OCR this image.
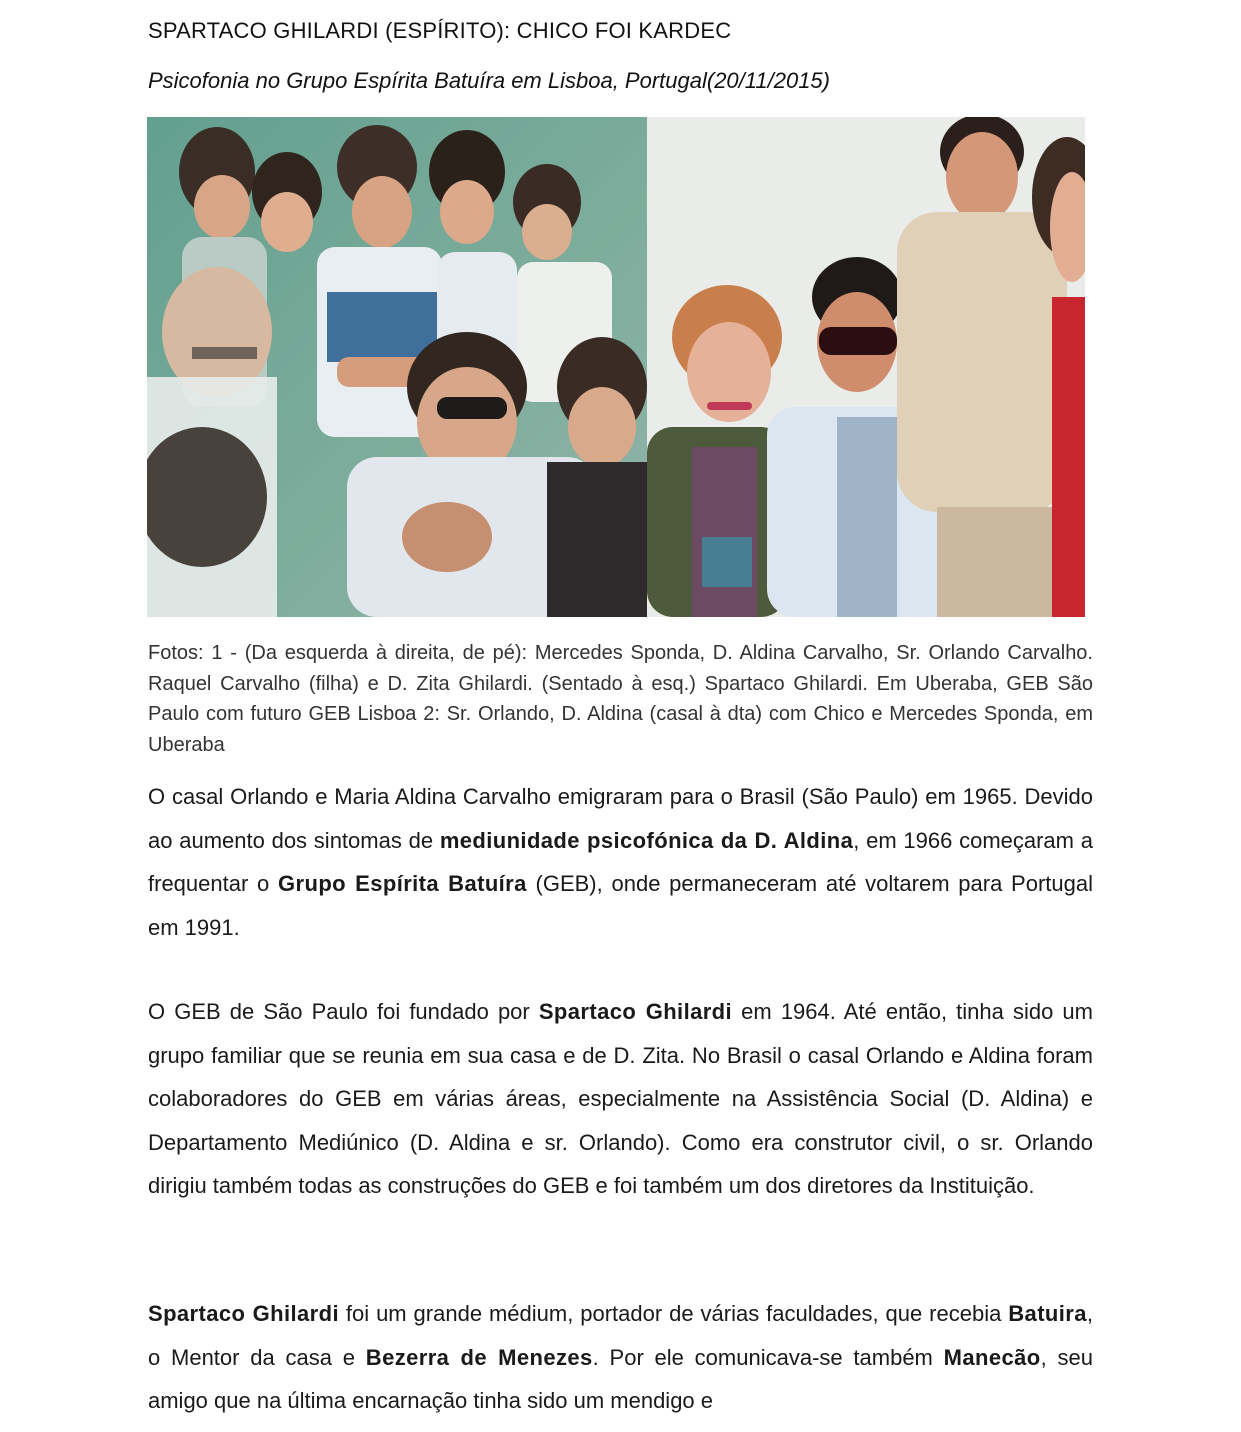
SPARTACO GHILARDI (ESPÍRITO): CHICO FOI KARDEC
Psicofonia no Grupo Espírita Batuíra em Lisboa, Portugal(20/11/2015)
Fotos: 1 - (Da esquerda à direita, de pé): Mercedes Sponda, D. Aldina Carvalho, Sr. Orlando Carvalho. Raquel Carvalho (filha) e D. Zita Ghilardi. (Sentado à esq.) Spartaco Ghilardi. Em Uberaba, GEB São Paulo com futuro GEB Lisboa 2: Sr. Orlando, D. Aldina (casal à dta) com Chico e Mercedes Sponda, em Uberaba
O casal Orlando e Maria Aldina Carvalho emigraram para o Brasil (São Paulo) em 1965. Devido ao aumento dos sintomas de mediunidade psicofónica da D. Aldina, em 1966 começaram a frequentar o Grupo Espírita Batuíra (GEB), onde permaneceram até voltarem para Portugal em 1991.
O GEB de São Paulo foi fundado por Spartaco Ghilardi em 1964. Até então, tinha sido um grupo familiar que se reunia em sua casa e de D. Zita. No Brasil o casal Orlando e Aldina foram colaboradores do GEB em várias áreas, especialmente na Assistência Social (D. Aldina) e Departamento Mediúnico (D. Aldina e sr. Orlando). Como era construtor civil, o sr. Orlando dirigiu também todas as construções do GEB e foi também um dos diretores da Instituição.
Spartaco Ghilardi foi um grande médium, portador de várias faculdades, que recebia Batuira, o Mentor da casa e Bezerra de Menezes. Por ele comunicava-se também Manecão, seu amigo que na última encarnação tinha sido um mendigo e
